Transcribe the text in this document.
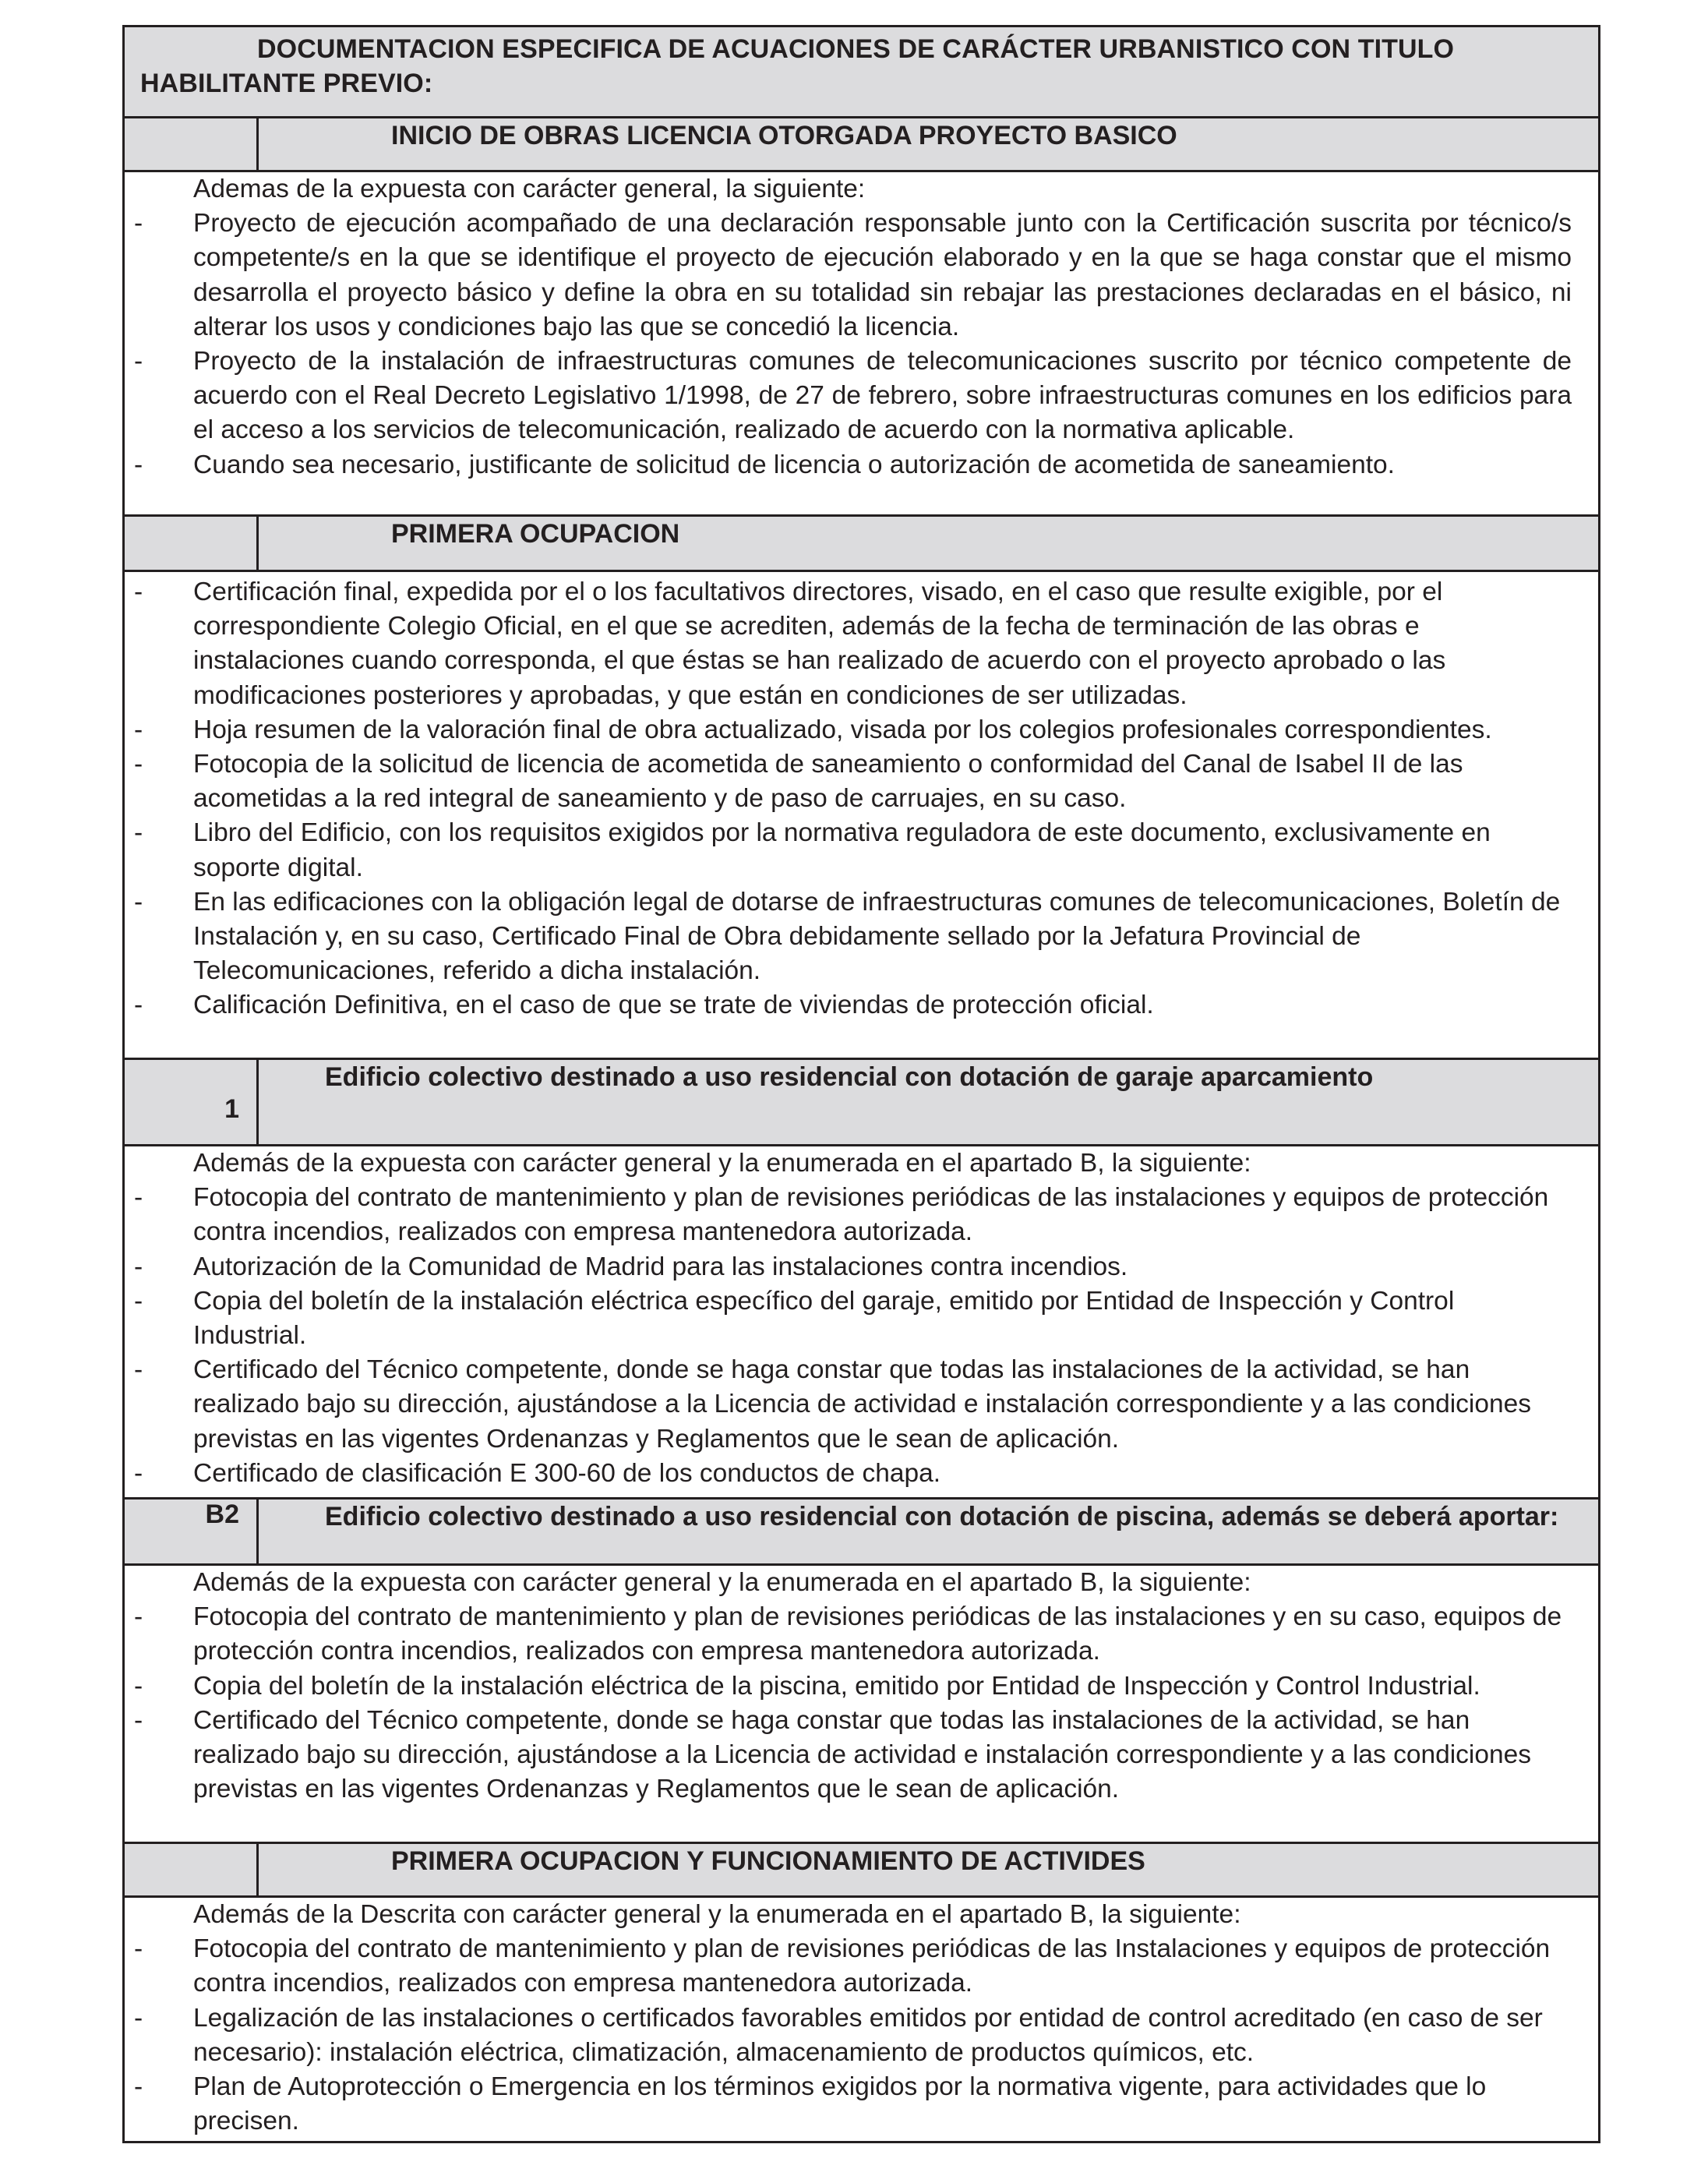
DOCUMENTACION ESPECIFICA DE ACUACIONES DE CARÁCTER URBANISTICO CON TITULO
HABILITANTE PREVIO:
INICIO DE OBRAS LICENCIA OTORGADA PROYECTO BASICO
Ademas de la expuesta con carácter general, la siguiente:
-	Proyecto de ejecución acompañado de una declaración responsable junto con la Certificación suscrita por técnico/s competente/s en la que se identifique el proyecto de ejecución elaborado y en la que se haga constar que el mismo desarrolla el proyecto básico y define la obra en su totalidad sin rebajar las prestaciones declaradas en el básico, ni alterar los usos y condiciones bajo las que se concedió la licencia.
-	Proyecto de la instalación de infraestructuras comunes de telecomunicaciones suscrito por técnico competente de acuerdo con el Real Decreto Legislativo 1/1998, de 27 de febrero, sobre infraestructuras comunes en los edificios para el acceso a los servicios de telecomunicación, realizado de acuerdo con la normativa aplicable.
-	Cuando sea necesario, justificante de solicitud de licencia o autorización de acometida de saneamiento.
PRIMERA OCUPACION
-	Certificación final, expedida por el o los facultativos directores, visado, en el caso que resulte exigible, por el correspondiente Colegio Oficial, en el que se acrediten, además de la fecha de terminación de las obras e instalaciones cuando corresponda, el que éstas se han realizado de acuerdo con el proyecto aprobado o las modificaciones posteriores y aprobadas, y que están en condiciones de ser utilizadas.
-	Hoja resumen de la valoración final de obra actualizado, visada por los colegios profesionales correspondientes.
-	Fotocopia de la solicitud de licencia de acometida de saneamiento o conformidad del Canal de Isabel II de las acometidas a la red integral de saneamiento y de paso de carruajes, en su caso.
-	Libro del Edificio, con los requisitos exigidos por la normativa reguladora de este documento, exclusivamente en soporte digital.
-	En las edificaciones con la obligación legal de dotarse de infraestructuras comunes de telecomunicaciones, Boletín de Instalación y, en su caso, Certificado Final de Obra debidamente sellado por la Jefatura Provincial de Telecomunicaciones, referido a dicha instalación.
-	Calificación Definitiva, en el caso de que se trate de viviendas de protección oficial.
1
Edificio colectivo destinado a uso residencial con dotación de garaje aparcamiento
Además de la expuesta con carácter general y la enumerada en el apartado B, la siguiente:
-	Fotocopia del contrato de mantenimiento y plan de revisiones periódicas de las instalaciones y equipos de protección contra incendios, realizados con empresa mantenedora autorizada.
-	Autorización de la Comunidad de Madrid para las instalaciones contra incendios.
-	Copia del boletín de la instalación eléctrica específico del garaje, emitido por Entidad de Inspección y Control Industrial.
-	Certificado del Técnico competente, donde se haga constar que todas las instalaciones de la actividad, se han realizado bajo su dirección, ajustándose a la Licencia de actividad e instalación correspondiente y a las condiciones previstas en las vigentes Ordenanzas y Reglamentos que le sean de aplicación.
-	Certificado de clasificación E 300-60 de los conductos de chapa.
B2	Edificio colectivo destinado a uso residencial con dotación de piscina, además se deberá aportar:
Además de la expuesta con carácter general y la enumerada en el apartado B, la siguiente:
-	Fotocopia del contrato de mantenimiento y plan de revisiones periódicas de las instalaciones y en su caso, equipos de protección contra incendios, realizados con empresa mantenedora autorizada.
-	Copia del boletín de la instalación eléctrica de la piscina, emitido por Entidad de Inspección y Control Industrial.
-	Certificado del Técnico competente, donde se haga constar que todas las instalaciones de la actividad, se han realizado bajo su dirección, ajustándose a la Licencia de actividad e instalación correspondiente y a las condiciones previstas en las vigentes Ordenanzas y Reglamentos que le sean de aplicación.
PRIMERA OCUPACION Y FUNCIONAMIENTO DE ACTIVIDES
Además de la Descrita con carácter general y la enumerada en el apartado B, la siguiente:
-	Fotocopia del contrato de mantenimiento y plan de revisiones periódicas de las Instalaciones y equipos de protección contra incendios, realizados con empresa mantenedora autorizada.
-	Legalización de las instalaciones o certificados favorables emitidos por entidad de control acreditado (en caso de ser necesario): instalación eléctrica, climatización, almacenamiento de productos químicos, etc.
-	Plan de Autoprotección o Emergencia en los términos exigidos por la normativa vigente, para actividades que lo precisen.
